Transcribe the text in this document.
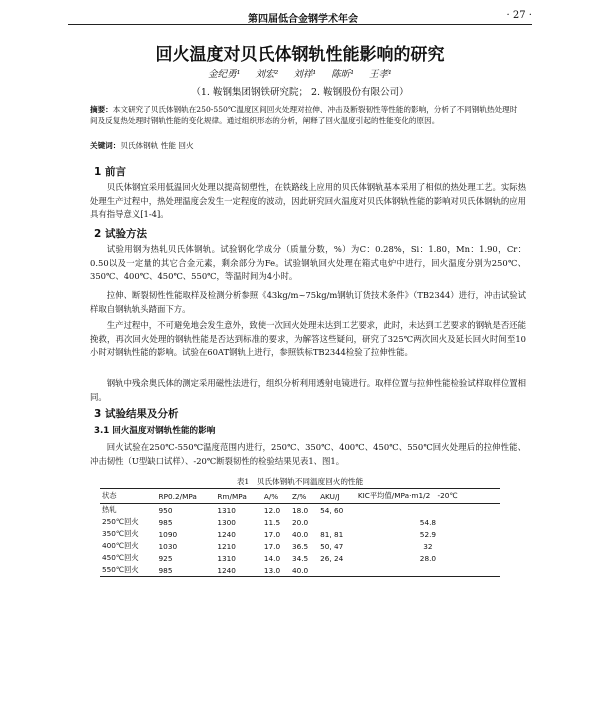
第四届低合金钢学术年会	· 27 ·
回火温度对贝氏体钢轨性能影响的研究
金纪勇¹ 刘宏² 刘祥¹ 陈昕¹ 王孝¹
（1. 鞍钢集团钢铁研究院； 2. 鞍钢股份有限公司）
摘要：本文研究了贝氏体钢轨在250-550℃温度区间回火处理对拉伸、冲击及断裂韧性等性能的影响，分析了不同钢轨热处理时间及反复热处理时钢轨性能的变化规律。通过组织形态的分析，阐释了回火温度引起的性能变化的原因。
关键词：贝氏体钢轨 性能 回火
1 前言
贝氏体钢宜采用低温回火处理以提高韧塑性，在铁路线上应用的贝氏体钢轨基本采用了相似的热处理工艺。实际热处理生产过程中，热处理温度会发生一定程度的波动，因此研究回火温度对贝氏体钢轨性能的影响对贝氏体钢轨的应用具有指导意义[1-4]。
2 试验方法
试验用钢为热轧贝氏体钢轨。试验钢化学成分（质量分数，%）为C：0.28%，Si：1.80，Mn：1.90，Cr：0.50以及一定量的其它合金元素，剩余部分为Fe。试验钢轨回火处理在箱式电炉中进行，回火温度分别为250℃、350℃、400℃、450℃、550℃，等温时间为4小时。
拉伸、断裂韧性性能取样及检测分析参照《43kg/m~75kg/m钢轨订货技术条件》（TB2344）进行，冲击试验试样取自钢轨轨头踏面下方。
生产过程中，不可避免地会发生意外，致使一次回火处理未达到工艺要求，此时，未达到工艺要求的钢轨是否还能挽救，再次回火处理的钢轨性能是否达到标准的要求，为解答这些疑问，研究了325℃两次回火及延长回火时间至10小时对钢轨性能的影响。试验在60AT钢轨上进行，参照铁标TB2344检验了拉伸性能。
钢轨中残余奥氏体的测定采用磁性法进行，组织分析利用透射电镜进行。取样位置与拉伸性能检验试样取样位置相同。
3 试验结果及分析
3.1 回火温度对钢轨性能的影响
回火试验在250℃-550℃温度范围内进行，250℃、350℃、400℃、450℃、550℃回火处理后的拉伸性能、冲击韧性（U型缺口试样）、-20℃断裂韧性的检验结果见表1、图1。
表1　贝氏体钢轨不同温度回火的性能
状态	RP0.2/MPa	Rm/MPa	A/%	Z/%	AKU/J	KIC平均值/MPa·m1/2　-20℃
热轧	950	1310	12.0	18.0	54, 60	
250℃回火	985	1300	11.5	20.0		54.8
350℃回火	1090	1240	17.0	40.0	81, 81	52.9
400℃回火	1030	1210	17.0	36.5	50, 47	32
450℃回火	925	1310	14.0	34.5	26, 24	28.0
550℃回火	985	1240	13.0	40.0		
